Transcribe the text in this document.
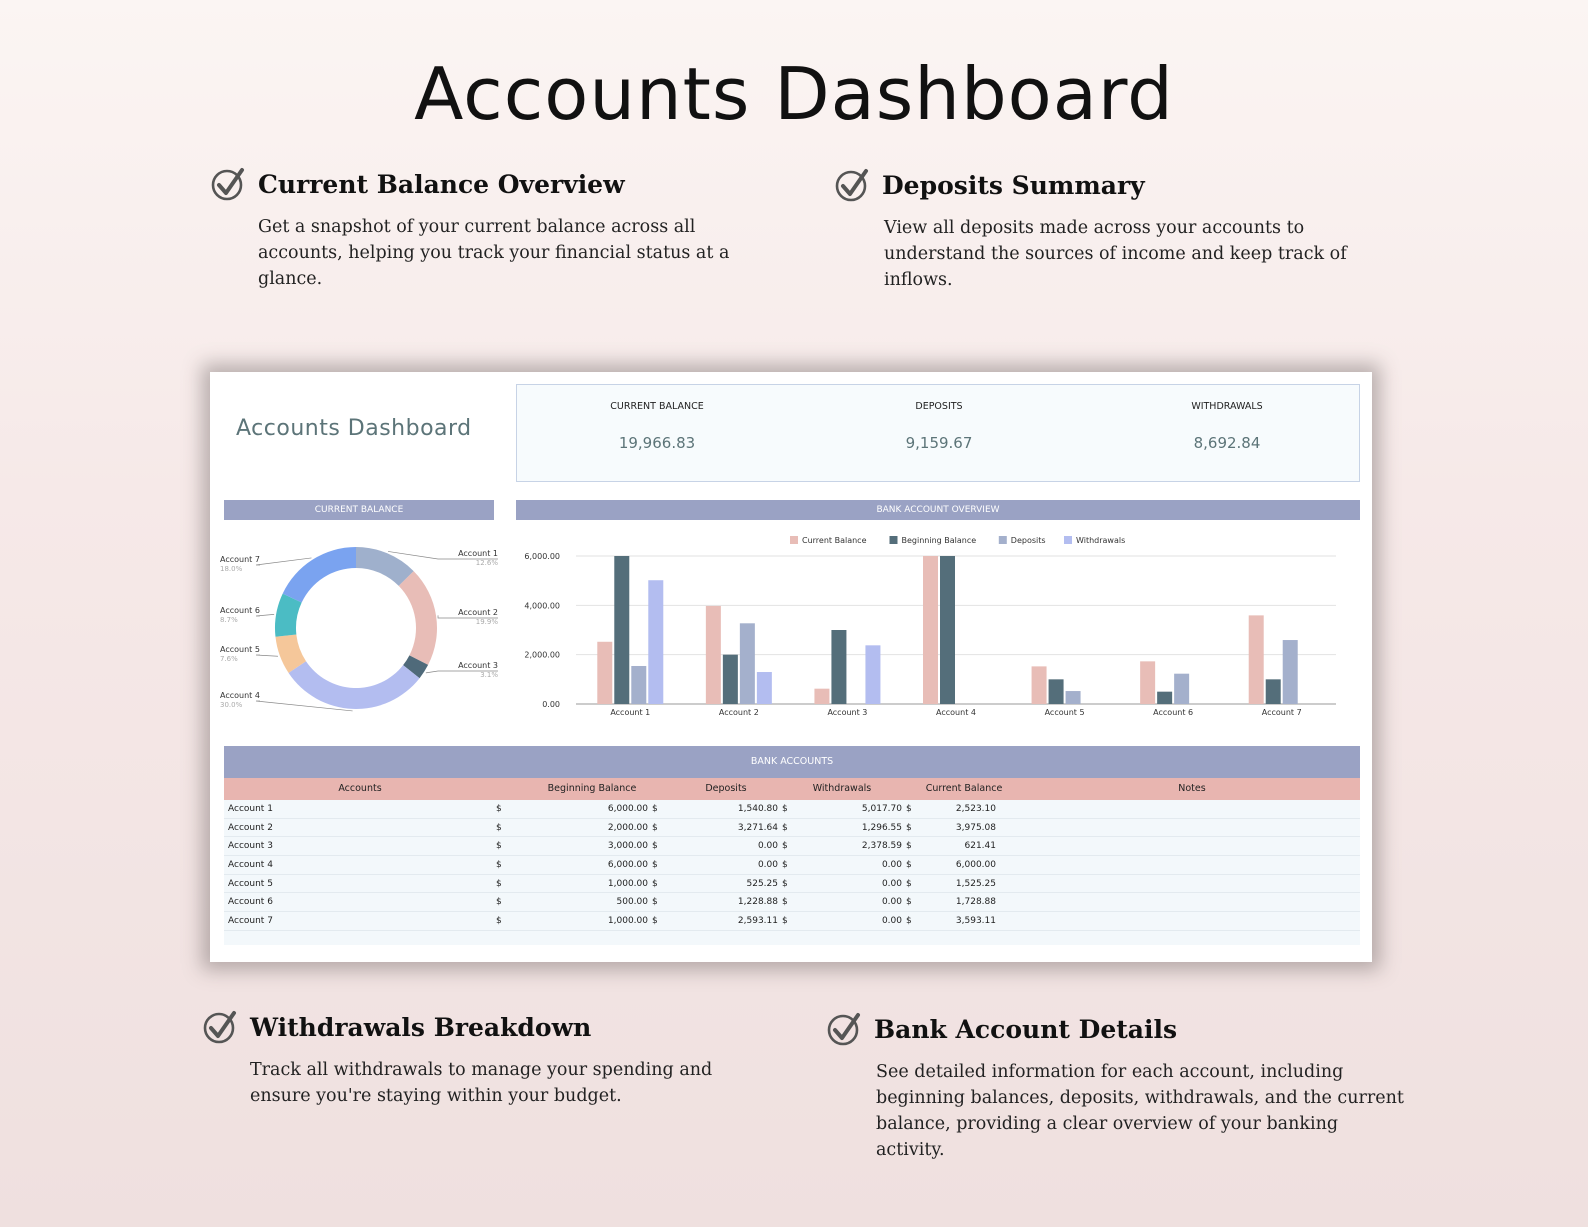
Accounts Dashboard
Current Balance Overview

Get a snapshot of your current balance across all accounts, helping you track your financial status at a glance.

Deposits Summary

View all deposits made across your accounts to understand the sources of income and keep track of inflows.

Withdrawals Breakdown

Track all withdrawals to manage your spending and ensure you're staying within your budget.

Bank Account Details

See detailed information for each account, including beginning balances, deposits, withdrawals, and the current balance, providing a clear overview of your banking activity.

Accounts Dashboard
CURRENT BALANCE
19,966.83
DEPOSITS
9,159.67
WITHDRAWALS
8,692.84
CURRENT BALANCE	BANK ACCOUNT OVERVIEW
Account 1
12.6%
Account 2
19.9%
Account 3
3.1%
Account 4
30.0%
Account 5
7.6%
Account 6
8.7%
Account 7
18.0%
0.00
2,000.00
4,000.00
6,000.00
Current Balance	Beginning Balance	Deposits	Withdrawals
Account 1	Account 2	Account 3	Account 4	Account 5	Account 6	Account 7
BANK ACCOUNTS
Accounts	Beginning Balance	Deposits	Withdrawals	Current Balance	Notes
Account 1	$	6,000.00 $	1,540.80 $	5,017.70 $	2,523.10
Account 2	$	2,000.00 $	3,271.64 $	1,296.55 $	3,975.08
Account 3	$	3,000.00 $	0.00 $	2,378.59 $	621.41
Account 4	$	6,000.00 $	0.00 $	0.00 $	6,000.00
Account 5	$	1,000.00 $	525.25 $	0.00 $	1,525.25
Account 6	$	500.00 $	1,228.88 $	0.00 $	1,728.88
Account 7	$	1,000.00 $	2,593.11 $	0.00 $	3,593.11
